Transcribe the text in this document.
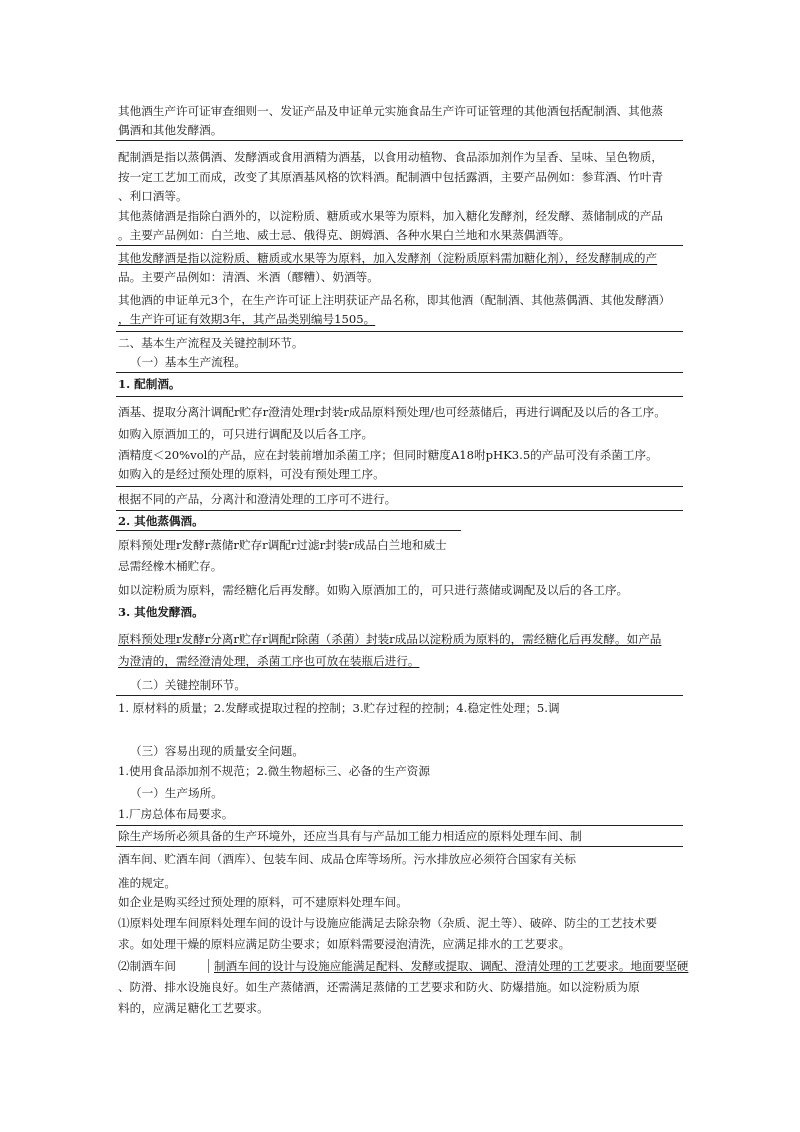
其他酒生产许可证审查细则一、发证产品及申证单元实施食品生产许可证管理的其他酒包括配制酒、其他蒸
偶酒和其他发酵酒。
配制酒是指以蒸偶酒、发酵酒或食用酒精为酒基，以食用动植物、食品添加剂作为呈香、呈味、呈色物质，
按一定工艺加工而成，改变了其原酒基风格的饮料酒。配制酒中包括露酒，主要产品例如：参茸酒、竹叶青
、利口酒等。
其他蒸储酒是指除白酒外的，以淀粉质、糖质或水果等为原料，加入糖化发酵剂，经发酵、蒸储制成的产品
。主要产品例如：白兰地、威士忌、俄得克、朗姆酒、各种水果白兰地和水果蒸偶酒等。
其他发酵酒是指以淀粉质、糖质或水果等为原料，加入发酵剂（淀粉质原料需加糖化剂），经发酵制成的产
品。主要产品例如：清酒、米酒（醪糟）、奶酒等。
其他酒的申证单元3个，在生产许可证上注明获证产品名称，即其他酒（配制酒、其他蒸偶酒、其他发酵酒）
，生产许可证有效期3年，其产品类别编号1505。
二、基本生产流程及关键控制环节。
（一）基本生产流程。
1. 配制酒。
酒基、提取分离汁调配r贮存r澄清处理r封装r成品原料预处理/也可经蒸储后，再进行调配及以后的各工序。
如购入原酒加工的，可只进行调配及以后各工序。
酒精度＜20%vol的产品，应在封装前增加杀菌工序；但同时糖度A18咐pHK3.5的产品可没有杀菌工序。
如购入的是经过预处理的原料，可没有预处理工序。
根据不同的产品，分离汁和澄清处理的工序可不进行。
2. 其他蒸偶酒。
原料预处理r发酵r蒸储r贮存r调配r过滤r封装r成品白兰地和威士
忌需经橡木桶贮存。
如以淀粉质为原料，需经糖化后再发酵。如购入原酒加工的，可只进行蒸储或调配及以后的各工序。
3. 其他发酵酒。
原料预处理r发酵r分离r贮存r调配r除菌（杀菌）封装r成品以淀粉质为原料的，需经糖化后再发酵。如产品
为澄清的，需经澄清处理，杀菌工序也可放在装瓶后进行。
（二）关键控制环节。
1. 原材料的质量；2.发酵或提取过程的控制；3.贮存过程的控制；4.稳定性处理；5.调
（三）容易出现的质量安全问题。
1.使用食品添加剂不规范；2.微生物超标三、必备的生产资源
（一）生产场所。
1.厂房总体布局要求。
除生产场所必须具备的生产环境外，还应当具有与产品加工能力相适应的原料处理车间、制
酒车间、贮酒车间（酒库）、包装车间、成品仓库等场所。污水排放应必须符合国家有关标
准的规定。
如企业是购买经过预处理的原料，可不建原料处理车间。
⑴原料处理车间原料处理车间的设计与设施应能满足去除杂物（杂质、泥土等）、破碎、防尘的工艺技术要
求。如处理干燥的原料应满足防尘要求；如原料需要浸泡清洗，应满足排水的工艺要求。
⑵制酒车间	制酒车间的设计与设施应能满足配料、发酵或提取、调配、澄清处理的工艺要求。地面要坚硬
、防滑、排水设施良好。如生产蒸储酒，还需满足蒸储的工艺要求和防火、防爆措施。如以淀粉质为原
料的，应满足糖化工艺要求。
